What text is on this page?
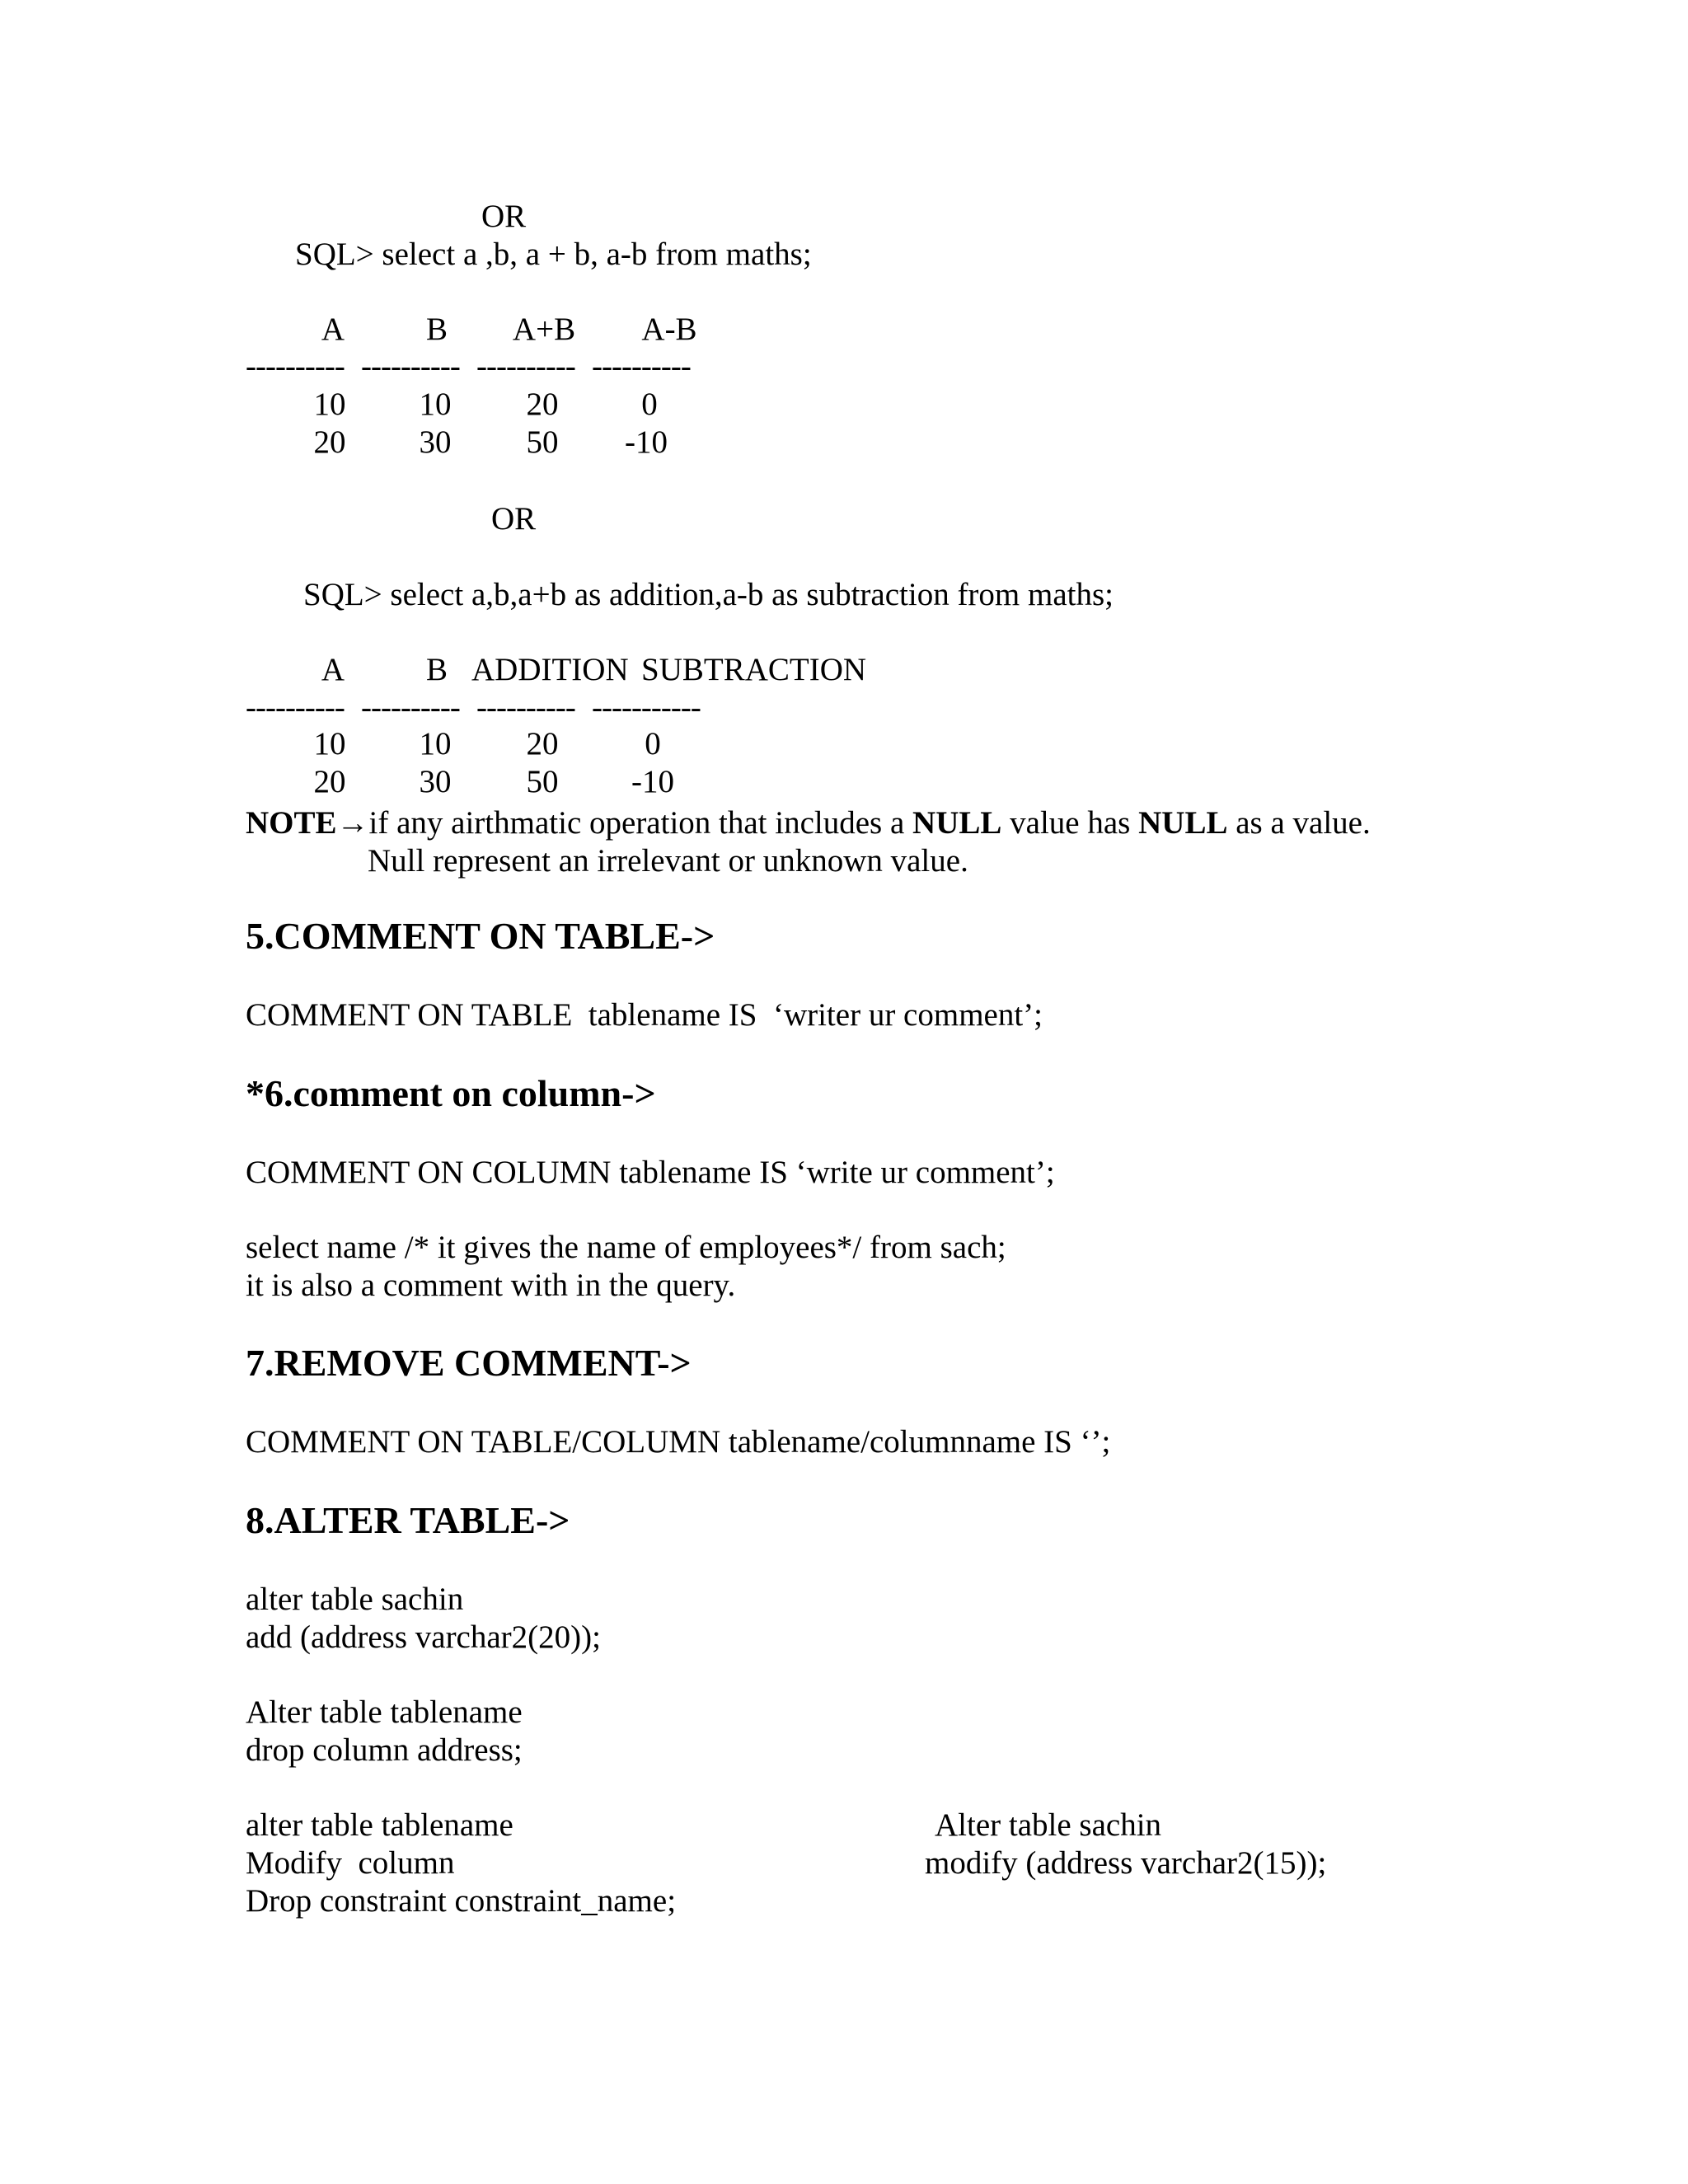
OR
SQL> select a ,b, a + b, a-b from maths;
A	B	A+B	A-B
---------- ---------- ---------- ----------
10	10	20	0
20	30	50	-10
OR
SQL> select a,b,a+b as addition,a-b as subtraction from maths;
A	B ADDITION SUBTRACTION
---------- ---------- ---------- -----------
10	10	20	0
20	30	50	-10
NOTE→if any airthmatic operation that includes a NULL value has NULL as a value.
Null represent an irrelevant or unknown value.
5.COMMENT ON TABLE->
COMMENT ON TABLE  tablename IS  ‘writer ur comment’;
*6.comment on column->
COMMENT ON COLUMN tablename IS ‘write ur comment’;
select name /* it gives the name of employees*/ from sach;
it is also a comment with in the query.
7.REMOVE COMMENT->
COMMENT ON TABLE/COLUMN tablename/columnname IS ‘’;
8.ALTER TABLE->
alter table sachin
add (address varchar2(20));
Alter table tablename
drop column address;
alter table tablename
Modify  column
Drop constraint constraint_name;
Alter table sachin
modify (address varchar2(15));
